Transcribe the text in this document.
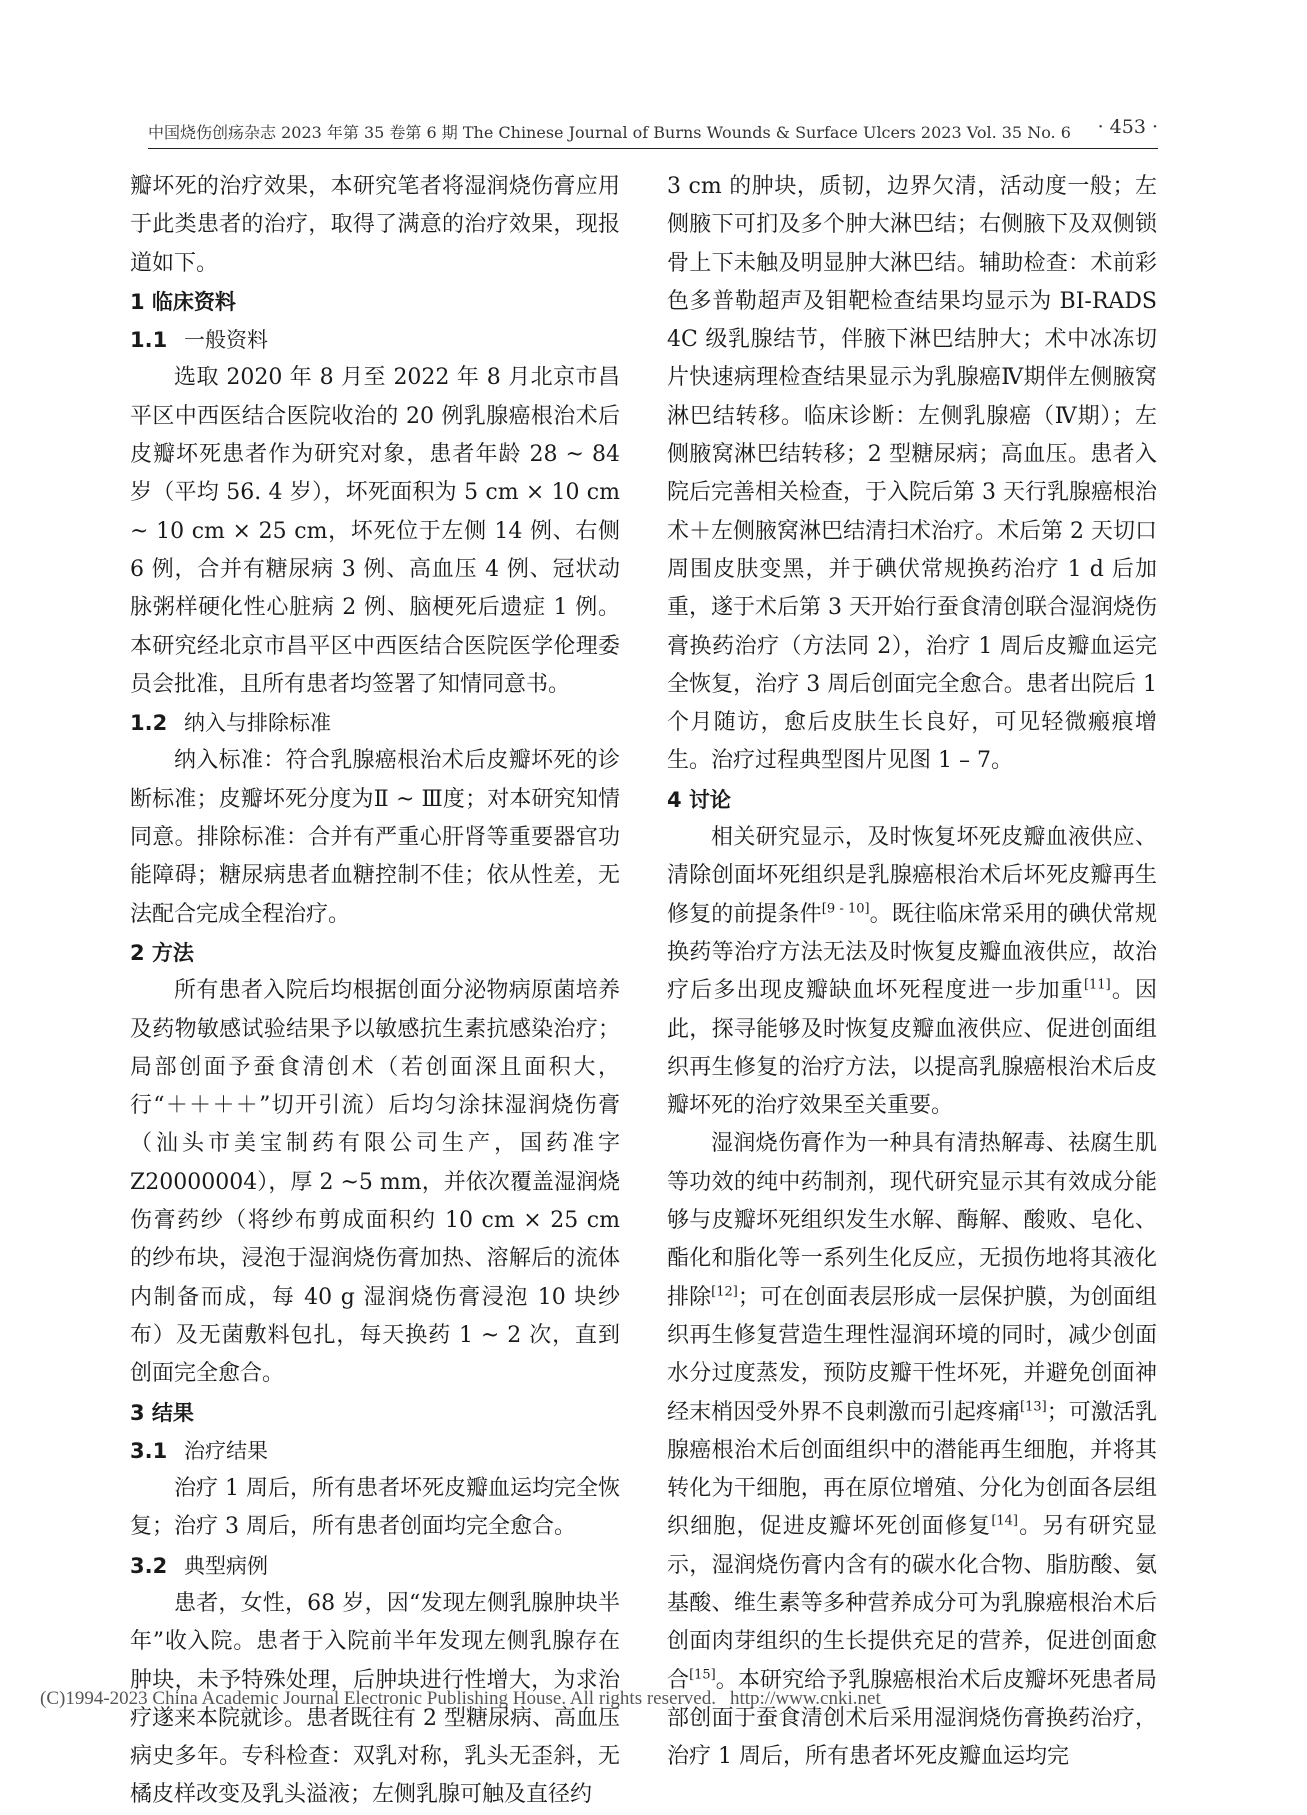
中国烧伤创疡杂志 2023 年第 35 卷第 6 期 The Chinese Journal of Burns Wounds & Surface Ulcers 2023 Vol. 35 No. 6 · 453 ·

瓣坏死的治疗效果，本研究笔者将湿润烧伤膏应用于此类患者的治疗，取得了满意的治疗效果，现报道如下。

1 临床资料
1.1 一般资料

选取 2020 年 8 月至 2022 年 8 月北京市昌平区中西医结合医院收治的 20 例乳腺癌根治术后皮瓣坏死患者作为研究对象，患者年龄 28 ~ 84 岁（平均 56. 4 岁），坏死面积为 5 cm × 10 cm ~ 10 cm × 25 cm，坏死位于左侧 14 例、右侧 6 例，合并有糖尿病 3 例、高血压 4 例、冠状动脉粥样硬化性心脏病 2 例、脑梗死后遗症 1 例。本研究经北京市昌平区中西医结合医院医学伦理委员会批准，且所有患者均签署了知情同意书。

1.2 纳入与排除标准

纳入标准：符合乳腺癌根治术后皮瓣坏死的诊断标准；皮瓣坏死分度为Ⅱ ~ Ⅲ度；对本研究知情同意。排除标准：合并有严重心肝肾等重要器官功能障碍；糖尿病患者血糖控制不佳；依从性差，无法配合完成全程治疗。

2 方法

所有患者入院后均根据创面分泌物病原菌培养及药物敏感试验结果予以敏感抗生素抗感染治疗；局部创面予蚕食清创术（若创面深且面积大，行“＋＋＋＋”切开引流）后均匀涂抹湿润烧伤膏（汕头市美宝制药有限公司生产，国药准字 Z20000004），厚 2 ~5 mm，并依次覆盖湿润烧伤膏药纱（将纱布剪成面积约 10 cm × 25 cm 的纱布块，浸泡于湿润烧伤膏加热、溶解后的流体内制备而成，每 40 g 湿润烧伤膏浸泡 10 块纱布）及无菌敷料包扎，每天换药 1 ~ 2 次，直到创面完全愈合。

3 结果
3.1 治疗结果

治疗 1 周后，所有患者坏死皮瓣血运均完全恢复；治疗 3 周后，所有患者创面均完全愈合。

3.2 典型病例

患者，女性，68 岁，因“发现左侧乳腺肿块半年”收入院。患者于入院前半年发现左侧乳腺存在肿块，未予特殊处理，后肿块进行性增大，为求治疗遂来本院就诊。患者既往有 2 型糖尿病、高血压病史多年。专科检查：双乳对称，乳头无歪斜，无橘皮样改变及乳头溢液；左侧乳腺可触及直径约

3 cm 的肿块，质韧，边界欠清，活动度一般；左侧腋下可扪及多个肿大淋巴结；右侧腋下及双侧锁骨上下未触及明显肿大淋巴结。辅助检查：术前彩色多普勒超声及钼靶检查结果均显示为 BI-RADS 4C 级乳腺结节，伴腋下淋巴结肿大；术中冰冻切片快速病理检查结果显示为乳腺癌Ⅳ期伴左侧腋窝淋巴结转移。临床诊断：左侧乳腺癌（Ⅳ期）；左侧腋窝淋巴结转移；2 型糖尿病；高血压。患者入院后完善相关检查，于入院后第 3 天行乳腺癌根治术＋左侧腋窝淋巴结清扫术治疗。术后第 2 天切口周围皮肤变黑，并于碘伏常规换药治疗 1 d 后加重，遂于术后第 3 天开始行蚕食清创联合湿润烧伤膏换药治疗（方法同 2），治疗 1 周后皮瓣血运完全恢复，治疗 3 周后创面完全愈合。患者出院后 1 个月随访，愈后皮肤生长良好，可见轻微瘢痕增生。治疗过程典型图片见图 1 – 7。

4 讨论

相关研究显示，及时恢复坏死皮瓣血液供应、清除创面坏死组织是乳腺癌根治术后坏死皮瓣再生修复的前提条件[9 - 10]。既往临床常采用的碘伏常规换药等治疗方法无法及时恢复皮瓣血液供应，故治疗后多出现皮瓣缺血坏死程度进一步加重[11]。因此，探寻能够及时恢复皮瓣血液供应、促进创面组织再生修复的治疗方法，以提高乳腺癌根治术后皮瓣坏死的治疗效果至关重要。

湿润烧伤膏作为一种具有清热解毒、祛腐生肌等功效的纯中药制剂，现代研究显示其有效成分能够与皮瓣坏死组织发生水解、酶解、酸败、皂化、酯化和脂化等一系列生化反应，无损伤地将其液化排除[12]；可在创面表层形成一层保护膜，为创面组织再生修复营造生理性湿润环境的同时，减少创面水分过度蒸发，预防皮瓣干性坏死，并避免创面神经末梢因受外界不良刺激而引起疼痛[13]；可激活乳腺癌根治术后创面组织中的潜能再生细胞，并将其转化为干细胞，再在原位增殖、分化为创面各层组织细胞，促进皮瓣坏死创面修复[14]。另有研究显示，湿润烧伤膏内含有的碳水化合物、脂肪酸、氨基酸、维生素等多种营养成分可为乳腺癌根治术后创面肉芽组织的生长提供充足的营养，促进创面愈合[15]。本研究给予乳腺癌根治术后皮瓣坏死患者局部创面于蚕食清创术后采用湿润烧伤膏换药治疗，治疗 1 周后，所有患者坏死皮瓣血运均完

(C)1994-2023 China Academic Journal Electronic Publishing House. All rights reserved. http://www.cnki.net
